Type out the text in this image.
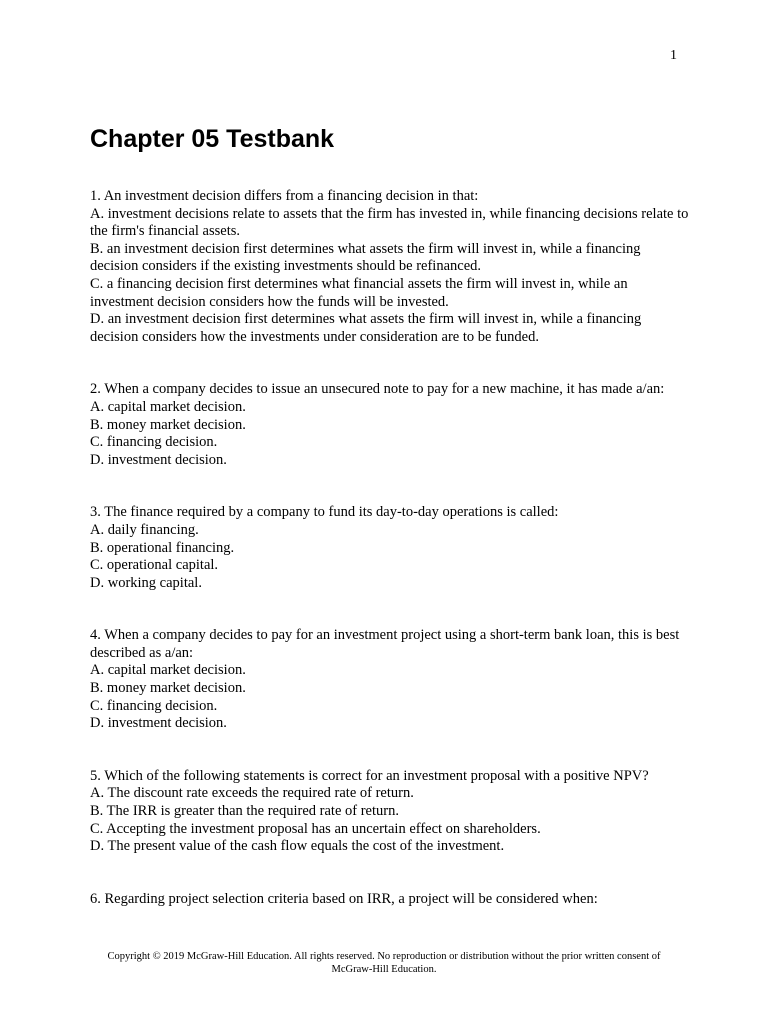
1
Chapter 05 Testbank
1. An investment decision differs from a financing decision in that:
A. investment decisions relate to assets that the firm has invested in, while financing decisions relate to the firm's financial assets.
B. an investment decision first determines what assets the firm will invest in, while a financing decision considers if the existing investments should be refinanced.
C. a financing decision first determines what financial assets the firm will invest in, while an investment decision considers how the funds will be invested.
D. an investment decision first determines what assets the firm will invest in, while a financing decision considers how the investments under consideration are to be funded.
2. When a company decides to issue an unsecured note to pay for a new machine, it has made a/an:
A. capital market decision.
B. money market decision.
C. financing decision.
D. investment decision.
3. The finance required by a company to fund its day-to-day operations is called:
A. daily financing.
B. operational financing.
C. operational capital.
D. working capital.
4. When a company decides to pay for an investment project using a short-term bank loan, this is best described as a/an:
A. capital market decision.
B. money market decision.
C. financing decision.
D. investment decision.
5. Which of the following statements is correct for an investment proposal with a positive NPV?
A. The discount rate exceeds the required rate of return.
B. The IRR is greater than the required rate of return.
C. Accepting the investment proposal has an uncertain effect on shareholders.
D. The present value of the cash flow equals the cost of the investment.
6. Regarding project selection criteria based on IRR, a project will be considered when:
Copyright © 2019 McGraw-Hill Education. All rights reserved. No reproduction or distribution without the prior written consent of McGraw-Hill Education.
